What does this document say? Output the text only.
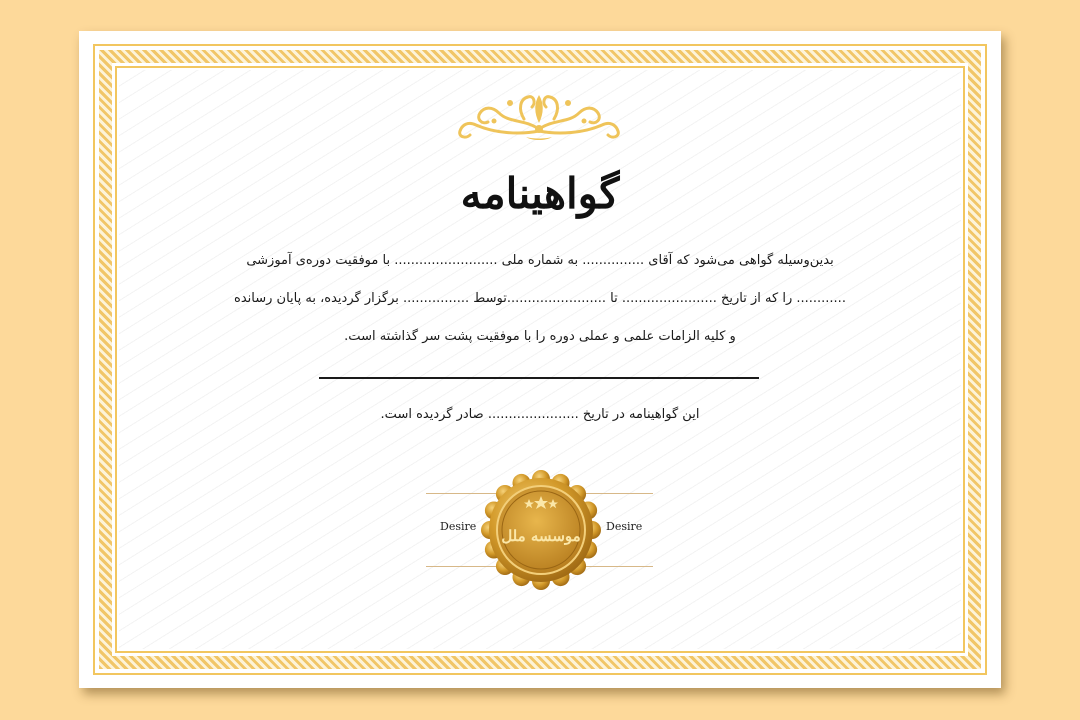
گواهینامه
بدین‌وسیله گواهی می‌شود که آقای ............... به شماره ملی ......................... با موفقیت دوره‌ی آموزشی
............ را که از تاریخ ....................... تا ........................توسط ................ برگزار گردیده، به پایان رسانده
و کلیه الزامات علمی و عملی دوره را با موفقیت پشت سر گذاشته است.
این گواهینامه در تاریخ ...................... صادر گردیده است.
Desire	Desire
موسسه ملل
